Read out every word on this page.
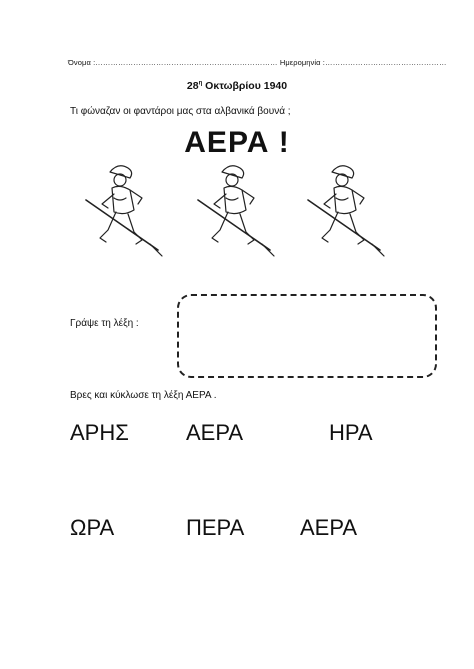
Όνομα :……………………………………………………………… Ημερομηνία :…………………………………………
$28^\eta$ Οκτωβρίου 1940
Τι φώναζαν οι φαντάροι μας στα αλβανικά βουνά ;
ΑΕΡΑ !
Γράψε τη λέξη :
Βρες και κύκλωσε τη λέξη ΑΕΡΑ .
ΑΡΗΣ	ΑΕΡΑ	ΗΡΑ
ΩΡΑ	ΠΕΡΑ	ΑΕΡΑ
